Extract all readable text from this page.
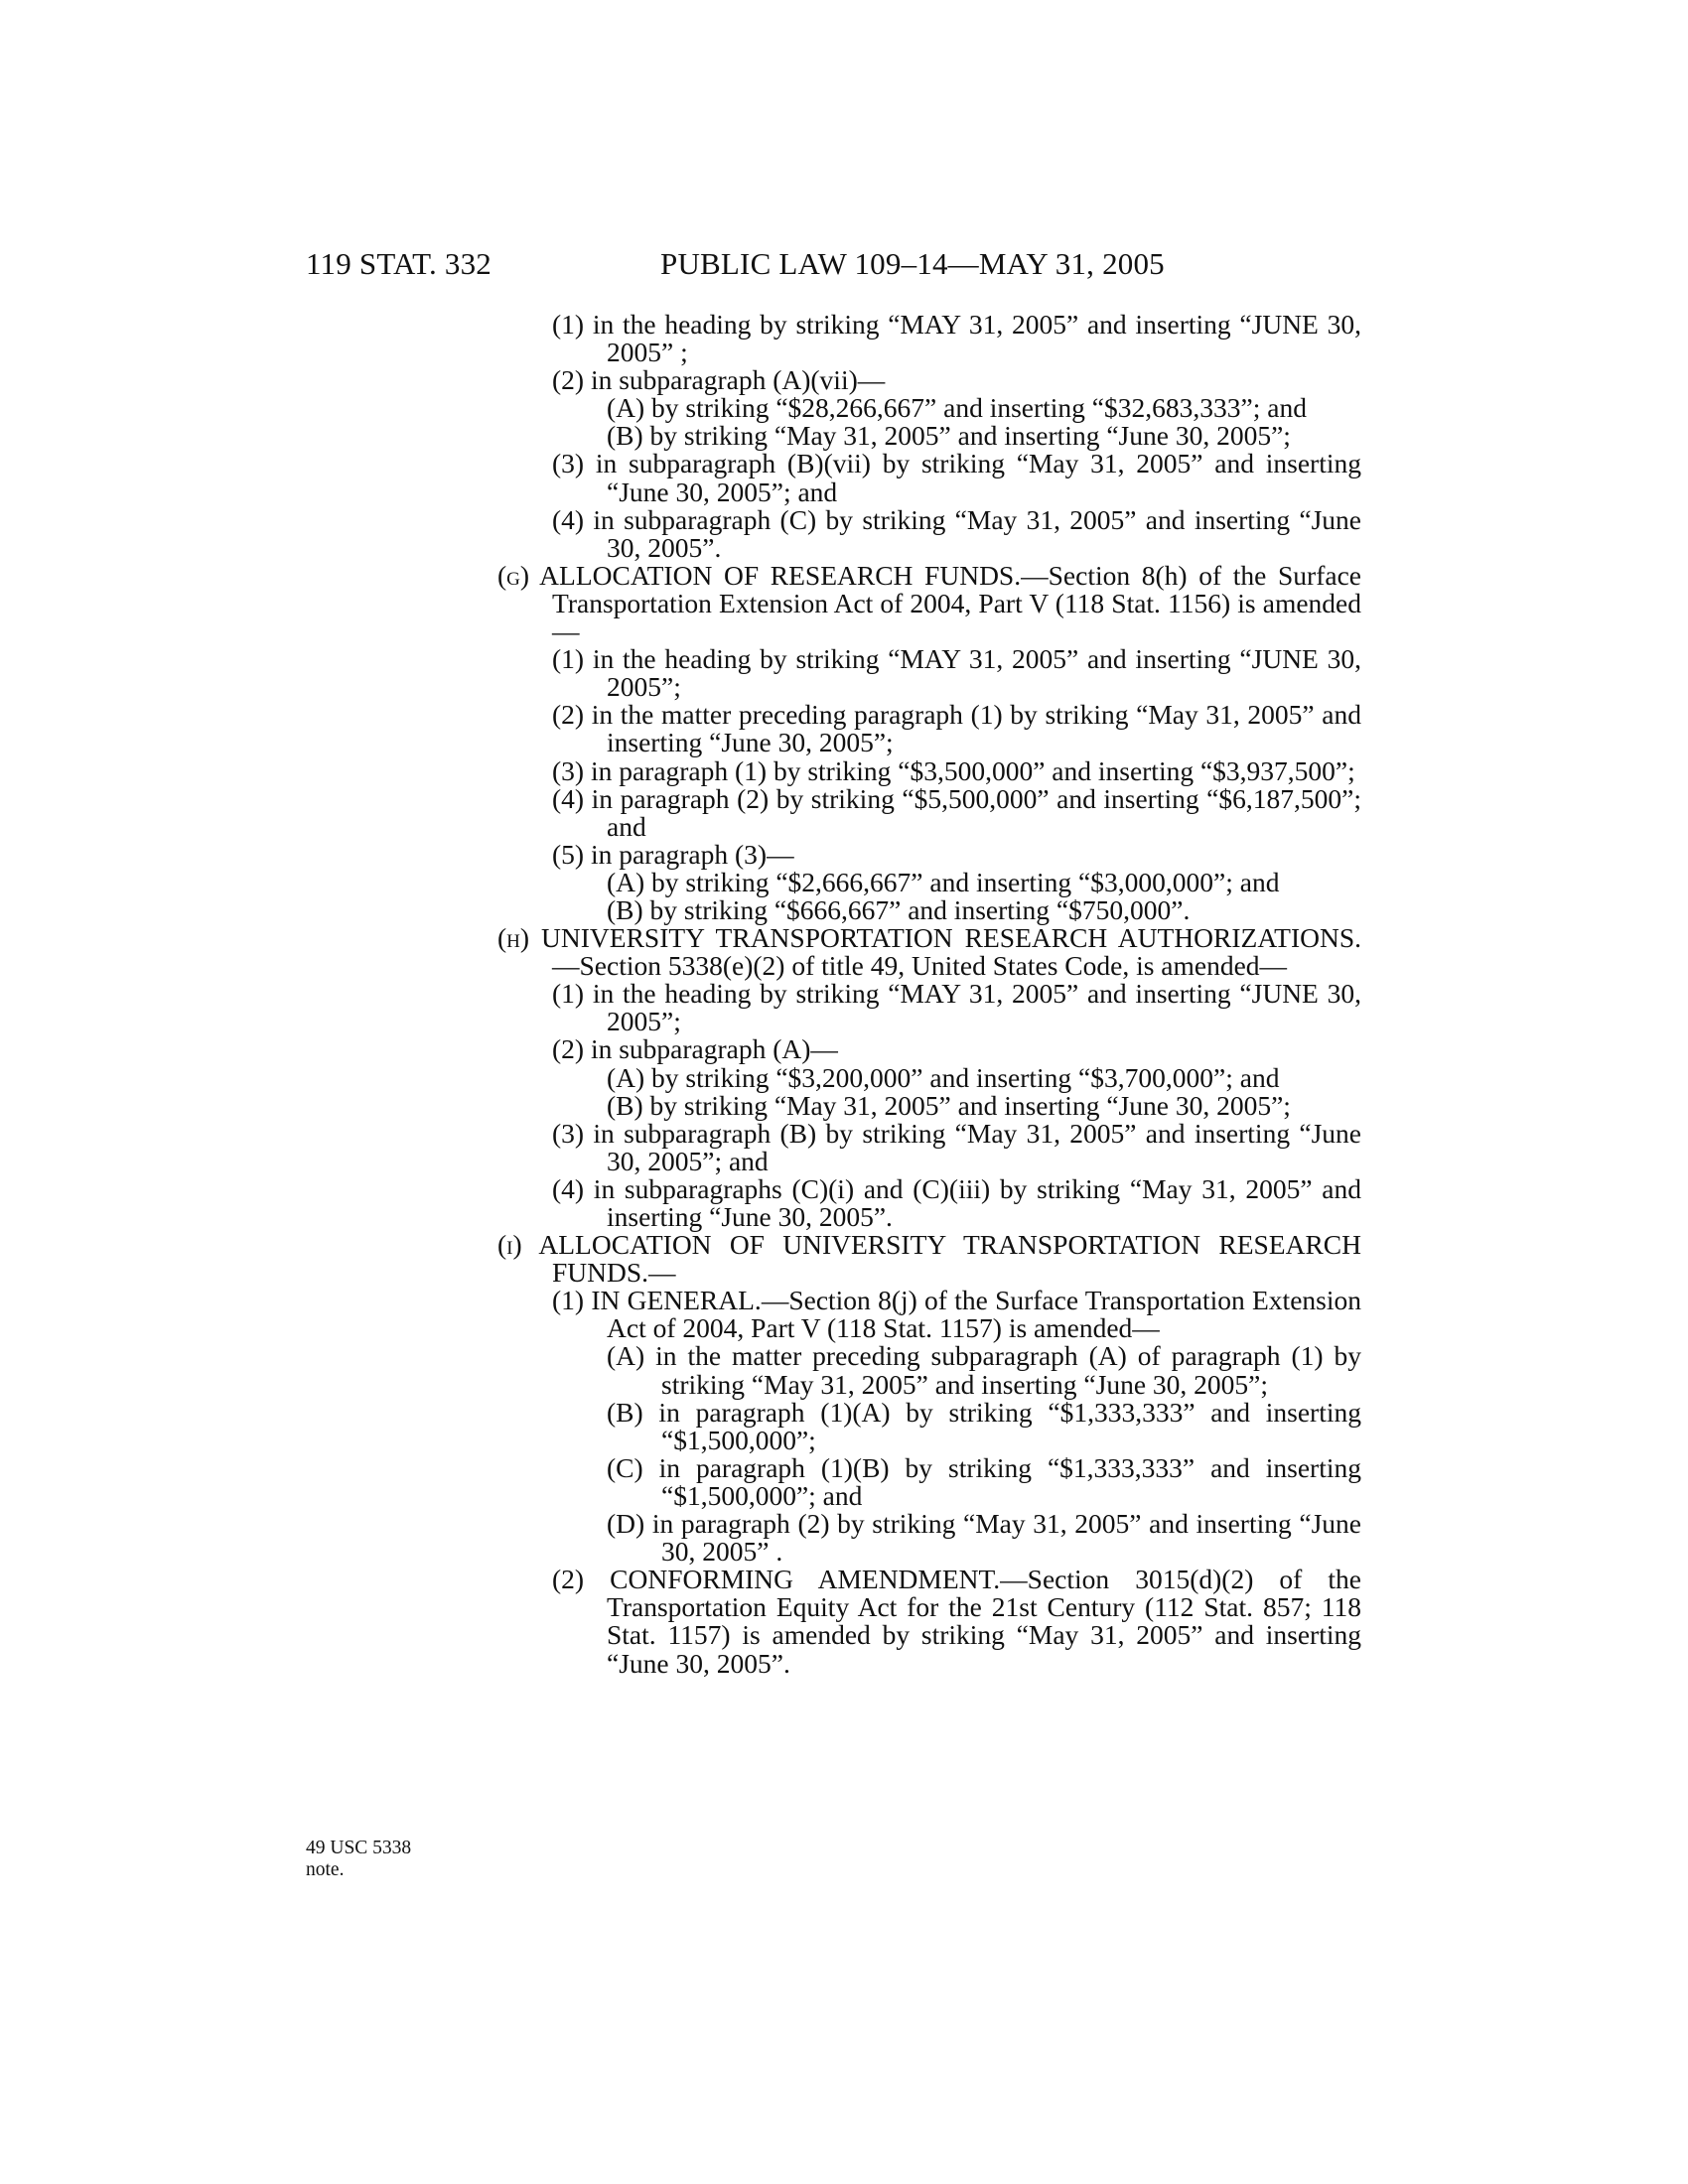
119 STAT. 332	PUBLIC LAW 109–14—MAY 31, 2005
49 USC 5338
note.

(1) in the heading by striking “MAY 31, 2005” and inserting “JUNE 30, 2005” ;

(2) in subparagraph (A)(vii)—

(A) by striking “$28,266,667” and inserting “$32,683,333”; and

(B) by striking “May 31, 2005” and inserting “June 30, 2005”;

(3) in subparagraph (B)(vii) by striking “May 31, 2005” and inserting “June 30, 2005”; and

(4) in subparagraph (C) by striking “May 31, 2005” and inserting “June 30, 2005”.

(g) ALLOCATION OF RESEARCH FUNDS.—Section 8(h) of the Surface Transportation Extension Act of 2004, Part V (118 Stat. 1156) is amended—

(1) in the heading by striking “MAY 31, 2005” and inserting “JUNE 30, 2005”;

(2) in the matter preceding paragraph (1) by striking “May 31, 2005” and inserting “June 30, 2005”;

(3) in paragraph (1) by striking “$3,500,000” and inserting “$3,937,500”;

(4) in paragraph (2) by striking “$5,500,000” and inserting “$6,187,500”; and

(5) in paragraph (3)—

(A) by striking “$2,666,667” and inserting “$3,000,000”; and

(B) by striking “$666,667” and inserting “$750,000”.

(h) UNIVERSITY TRANSPORTATION RESEARCH AUTHORIZATIONS.—Section 5338(e)(2) of title 49, United States Code, is amended—

(1) in the heading by striking “MAY 31, 2005” and inserting “JUNE 30, 2005”;

(2) in subparagraph (A)—

(A) by striking “$3,200,000” and inserting “$3,700,000”; and

(B) by striking “May 31, 2005” and inserting “June 30, 2005”;

(3) in subparagraph (B) by striking “May 31, 2005” and inserting “June 30, 2005”; and

(4) in subparagraphs (C)(i) and (C)(iii) by striking “May 31, 2005” and inserting “June 30, 2005”.

(i) ALLOCATION OF UNIVERSITY TRANSPORTATION RESEARCH FUNDS.—

(1) IN GENERAL.—Section 8(j) of the Surface Transportation Extension Act of 2004, Part V (118 Stat. 1157) is amended—

(A) in the matter preceding subparagraph (A) of paragraph (1) by striking “May 31, 2005” and inserting “June 30, 2005”;

(B) in paragraph (1)(A) by striking “$1,333,333” and inserting “$1,500,000”;

(C) in paragraph (1)(B) by striking “$1,333,333” and inserting “$1,500,000”; and

(D) in paragraph (2) by striking “May 31, 2005” and inserting “June 30, 2005” .

(2) CONFORMING AMENDMENT.—Section 3015(d)(2) of the Transportation Equity Act for the 21st Century (112 Stat. 857; 118 Stat. 1157) is amended by striking “May 31, 2005” and inserting “June 30, 2005”.
